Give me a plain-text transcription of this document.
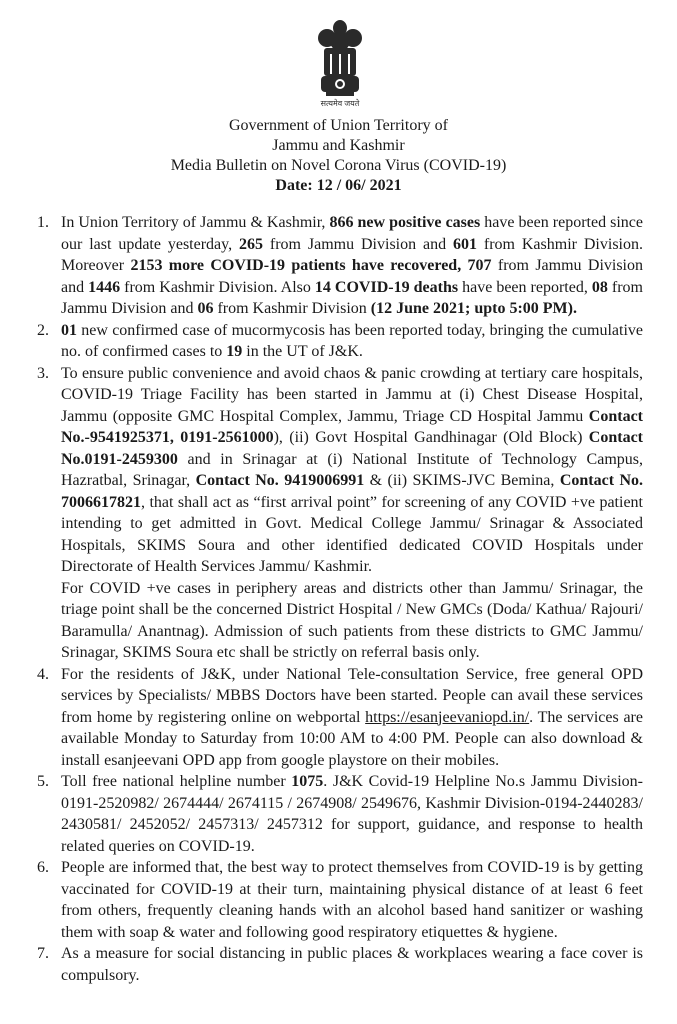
सत्यमेव जयते
Government of Union Territory of
Jammu and Kashmir
Media Bulletin on Novel Corona Virus (COVID-19)
Date: 12 / 06/ 2021
1. In Union Territory of Jammu & Kashmir, 866 new positive cases have been reported since our last update yesterday, 265 from Jammu Division and 601 from Kashmir Division. Moreover 2153 more COVID-19 patients have recovered, 707 from Jammu Division and 1446 from Kashmir Division. Also 14 COVID-19 deaths have been reported, 08 from Jammu Division and 06 from Kashmir Division (12 June 2021; upto 5:00 PM).

2. 01 new confirmed case of mucormycosis has been reported today, bringing the cumulative no. of confirmed cases to 19 in the UT of J&K.

3. To ensure public convenience and avoid chaos & panic crowding at tertiary care hospitals, COVID-19 Triage Facility has been started in Jammu at (i) Chest Disease Hospital, Jammu (opposite GMC Hospital Complex, Jammu, Triage CD Hospital Jammu Contact No.-9541925371, 0191-2561000), (ii) Govt Hospital Gandhinagar (Old Block) Contact No.0191-2459300 and in Srinagar at (i) National Institute of Technology Campus, Hazratbal, Srinagar, Contact No. 9419006991 & (ii) SKIMS-JVC Bemina, Contact No. 7006617821, that shall act as “first arrival point” for screening of any COVID +ve patient intending to get admitted in Govt. Medical College Jammu/ Srinagar & Associated Hospitals, SKIMS Soura and other identified dedicated COVID Hospitals under Directorate of Health Services Jammu/ Kashmir.

For COVID +ve cases in periphery areas and districts other than Jammu/ Srinagar, the triage point shall be the concerned District Hospital / New GMCs (Doda/ Kathua/ Rajouri/ Baramulla/ Anantnag). Admission of such patients from these districts to GMC Jammu/ Srinagar, SKIMS Soura etc shall be strictly on referral basis only.

4. For the residents of J&K, under National Tele-consultation Service, free general OPD services by Specialists/ MBBS Doctors have been started. People can avail these services from home by registering online on webportal https://esanjeevaniopd.in/. The services are available Monday to Saturday from 10:00 AM to 4:00 PM. People can also download & install esanjeevani OPD app from google playstore on their mobiles.

5. Toll free national helpline number 1075. J&K Covid-19 Helpline No.s Jammu Division- 0191-2520982/ 2674444/ 2674115 / 2674908/ 2549676, Kashmir Division-0194-2440283/ 2430581/ 2452052/ 2457313/ 2457312 for support, guidance, and response to health related queries on COVID-19.

6. People are informed that, the best way to protect themselves from COVID-19 is by getting vaccinated for COVID-19 at their turn, maintaining physical distance of at least 6 feet from others, frequently cleaning hands with an alcohol based hand sanitizer or washing them with soap & water and following good respiratory etiquettes & hygiene.

7. As a measure for social distancing in public places & workplaces wearing a face cover is compulsory.
